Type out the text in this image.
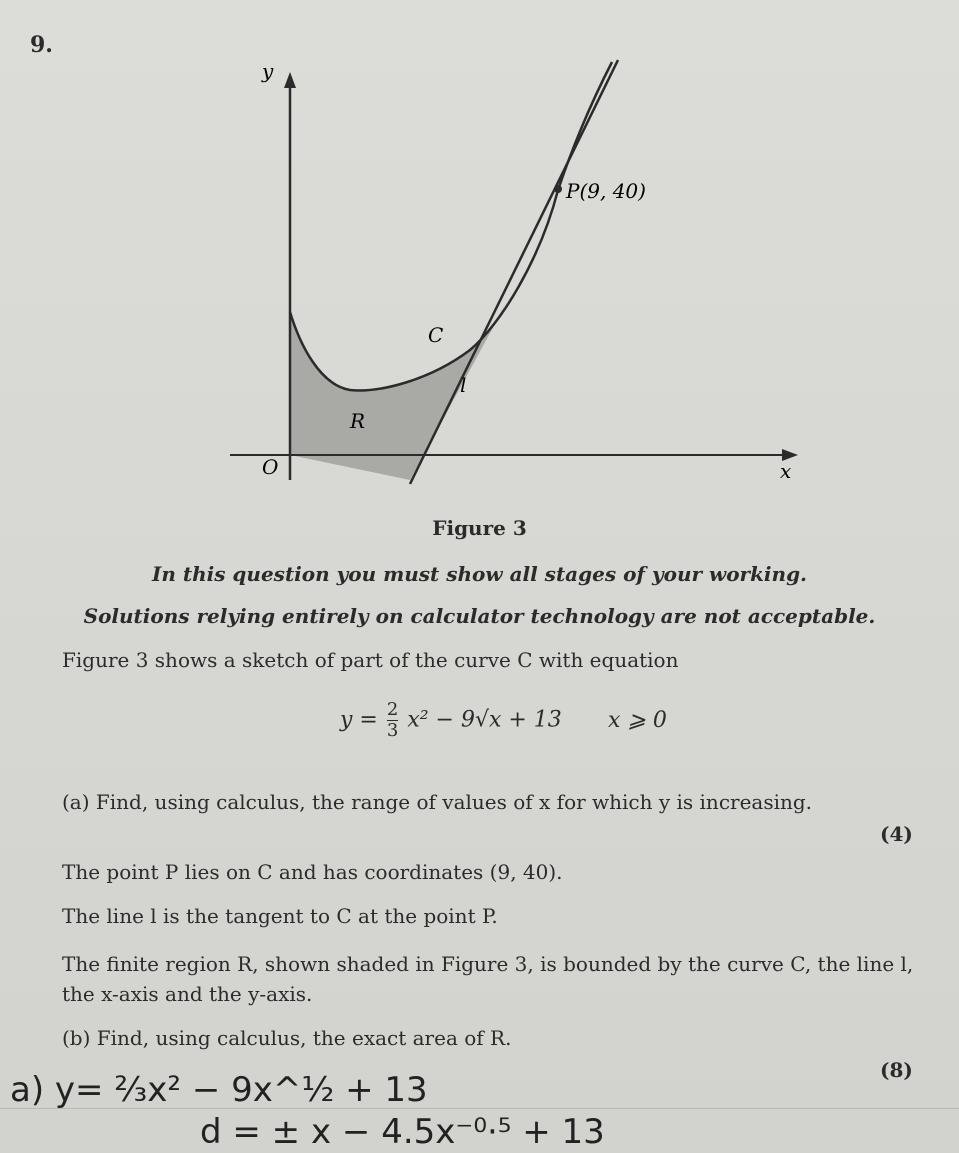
9.
y
x
O
P(9, 40)
C
l
R
Figure 3
In this question you must show all stages of your working.
Solutions relying entirely on calculator technology are not acceptable.
Figure 3 shows a sketch of part of the curve C with equation
$y = \frac{2}{3} x^2 - 9√x + 13$ x ⩾ 0
(a) Find, using calculus, the range of values of x for which y is increasing.
(4)
The point P lies on C and has coordinates (9, 40).
The line l is the tangent to C at the point P.
The finite region R, shown shaded in Figure 3, is bounded by the curve C, the line l,
the x-axis and the y-axis.
(b) Find, using calculus, the exact area of R.
(8)
a) y= ²⁄₃x² − 9x^½ + 13
d = ± x − 4.5x⁻⁰·⁵ + 13
